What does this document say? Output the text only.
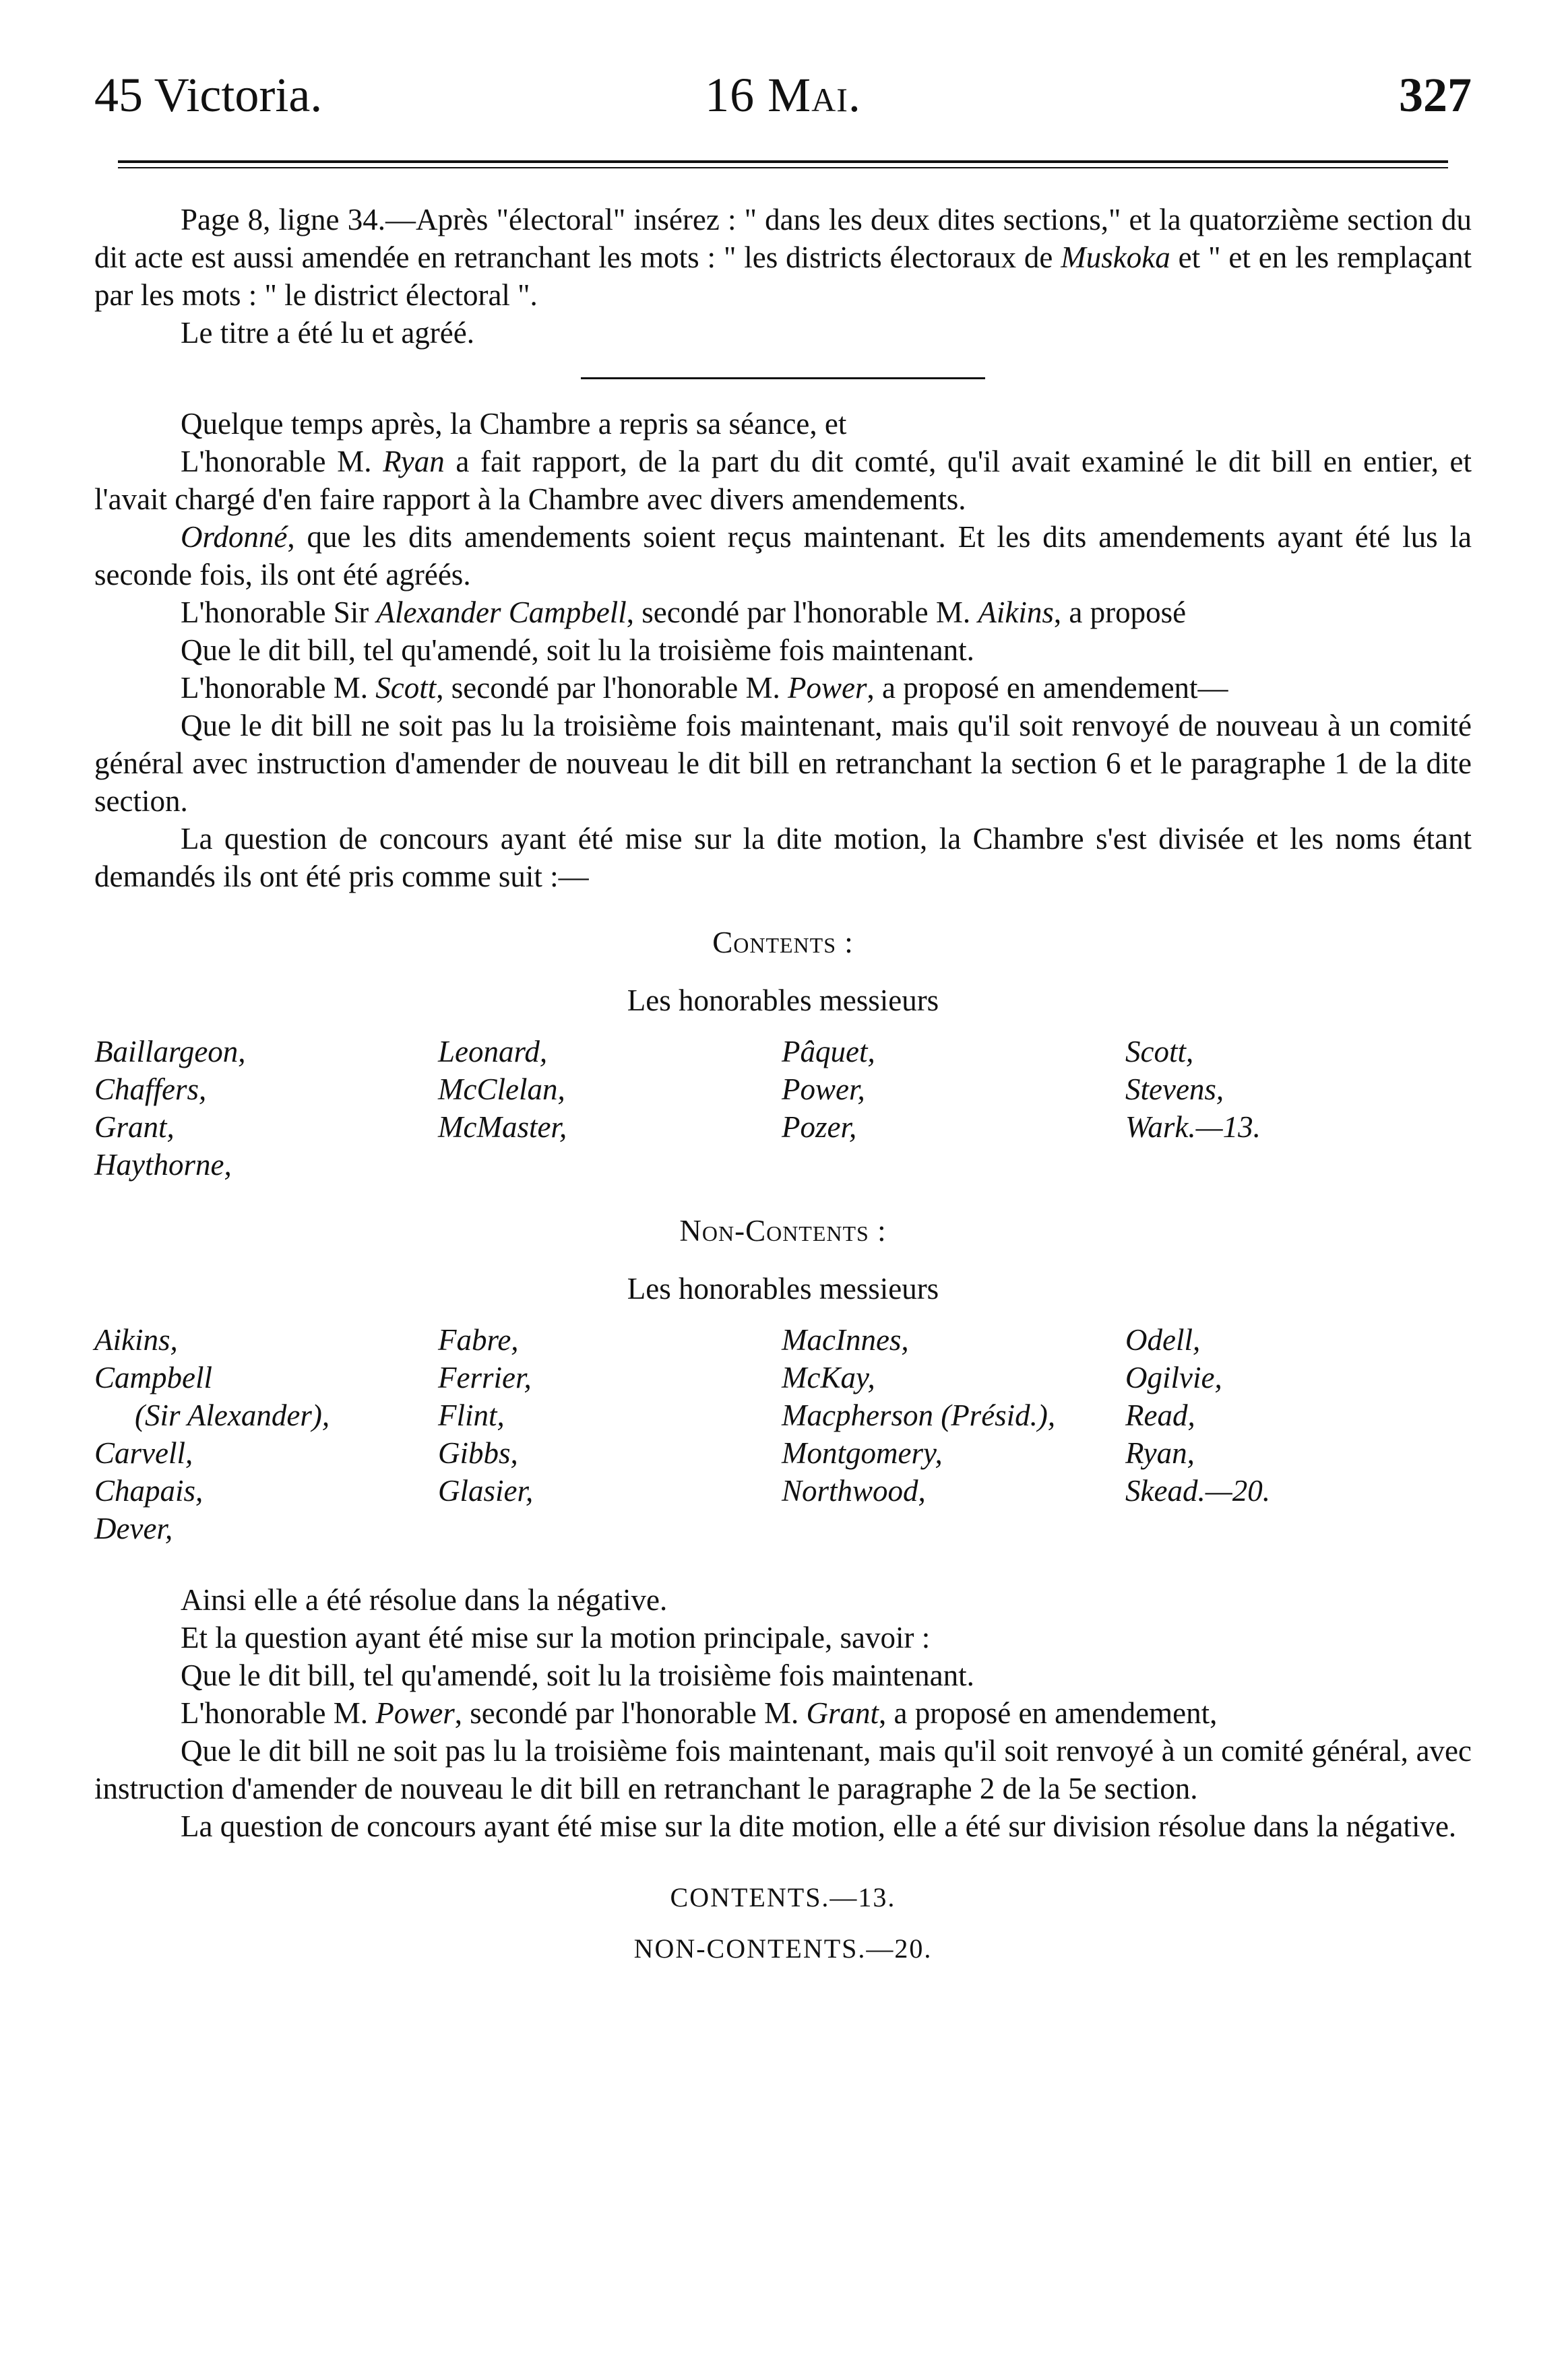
45 Victoria.	16 Mai.	327

Page 8, ligne 34.—Après "électoral" insérez : " dans les deux dites sections," et la quatorzième section du dit acte est aussi amendée en retranchant les mots : " les districts électoraux de Muskoka et " et en les remplaçant par les mots : " le district électoral ".

Le titre a été lu et agréé.

Quelque temps après, la Chambre a repris sa séance, et

L'honorable M. Ryan a fait rapport, de la part du dit comté, qu'il avait examiné le dit bill en entier, et l'avait chargé d'en faire rapport à la Chambre avec divers amendements.

Ordonné, que les dits amendements soient reçus maintenant. Et les dits amendements ayant été lus la seconde fois, ils ont été agréés.

L'honorable Sir Alexander Campbell, secondé par l'honorable M. Aikins, a proposé

Que le dit bill, tel qu'amendé, soit lu la troisième fois maintenant.

L'honorable M. Scott, secondé par l'honorable M. Power, a proposé en amendement—

Que le dit bill ne soit pas lu la troisième fois maintenant, mais qu'il soit renvoyé de nouveau à un comité général avec instruction d'amender de nouveau le dit bill en retranchant la section 6 et le paragraphe 1 de la dite section.

La question de concours ayant été mise sur la dite motion, la Chambre s'est divisée et les noms étant demandés ils ont été pris comme suit :—

Contents :
Les honorables messieurs
Baillargeon,	Leonard,	Pâquet,	Scott,
Chaffers,	McClelan,	Power,	Stevens,
Grant,	McMaster,	Pozer,	Wark.—13.
Haythorne,
Non-Contents :
Les honorables messieurs
Aikins,	Fabre,	MacInnes,	Odell,
Campbell	Ferrier,	McKay,	Ogilvie,
(Sir Alexander),	Flint,	Macpherson (Présid.),	Read,
Carvell,	Gibbs,	Montgomery,	Ryan,
Chapais,	Glasier,	Northwood,	Skead.—20.
Dever,

Ainsi elle a été résolue dans la négative.

Et la question ayant été mise sur la motion principale, savoir :

Que le dit bill, tel qu'amendé, soit lu la troisième fois maintenant.

L'honorable M. Power, secondé par l'honorable M. Grant, a proposé en amendement,

Que le dit bill ne soit pas lu la troisième fois maintenant, mais qu'il soit renvoyé à un comité général, avec instruction d'amender de nouveau le dit bill en retranchant le paragraphe 2 de la 5e section.

La question de concours ayant été mise sur la dite motion, elle a été sur division résolue dans la négative.

CONTENTS.—13.
NON-CONTENTS.—20.
